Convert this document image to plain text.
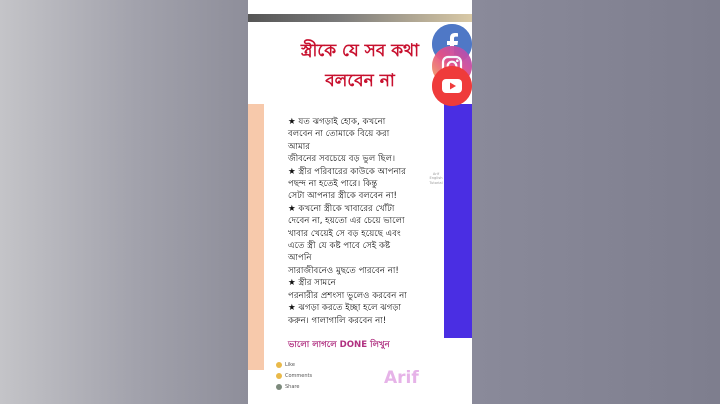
স্ত্রীকে যে সব কথা
বলবেন না
★ যত ঝগড়াই হোক, কখনো
বলবেন না তোমাকে বিয়ে করা
আমার
জীবনের সবচেয়ে বড় ভুল ছিল।
★ স্ত্রীর পরিবারের কাউকে আপনার
পছন্দ না হতেই পারে। কিন্তু
সেটা আপনার স্ত্রীকে বলবেন না!
★ কখনো স্ত্রীকে খাবারের খোঁটা
দেবেন না, হয়তো এর চেয়ে ভালো
খাবার খেয়েই সে বড় হয়েছে এবং
এতে স্ত্রী যে কষ্ট পাবে সেই কষ্ট
আপনি
সারাজীবনেও মুছতে পারবেন না!
★ স্ত্রীর সামনে
পরনারীর প্রশংসা ভুলেও করবেন না
★ ঝগড়া করতে ইচ্ছা হলে ঝগড়া
করুন। গালাগালি করবেন না!
Arif
English
Tutorial
ভালো লাগলে DONE লিখুন
Like
Comments
Share	Arif
